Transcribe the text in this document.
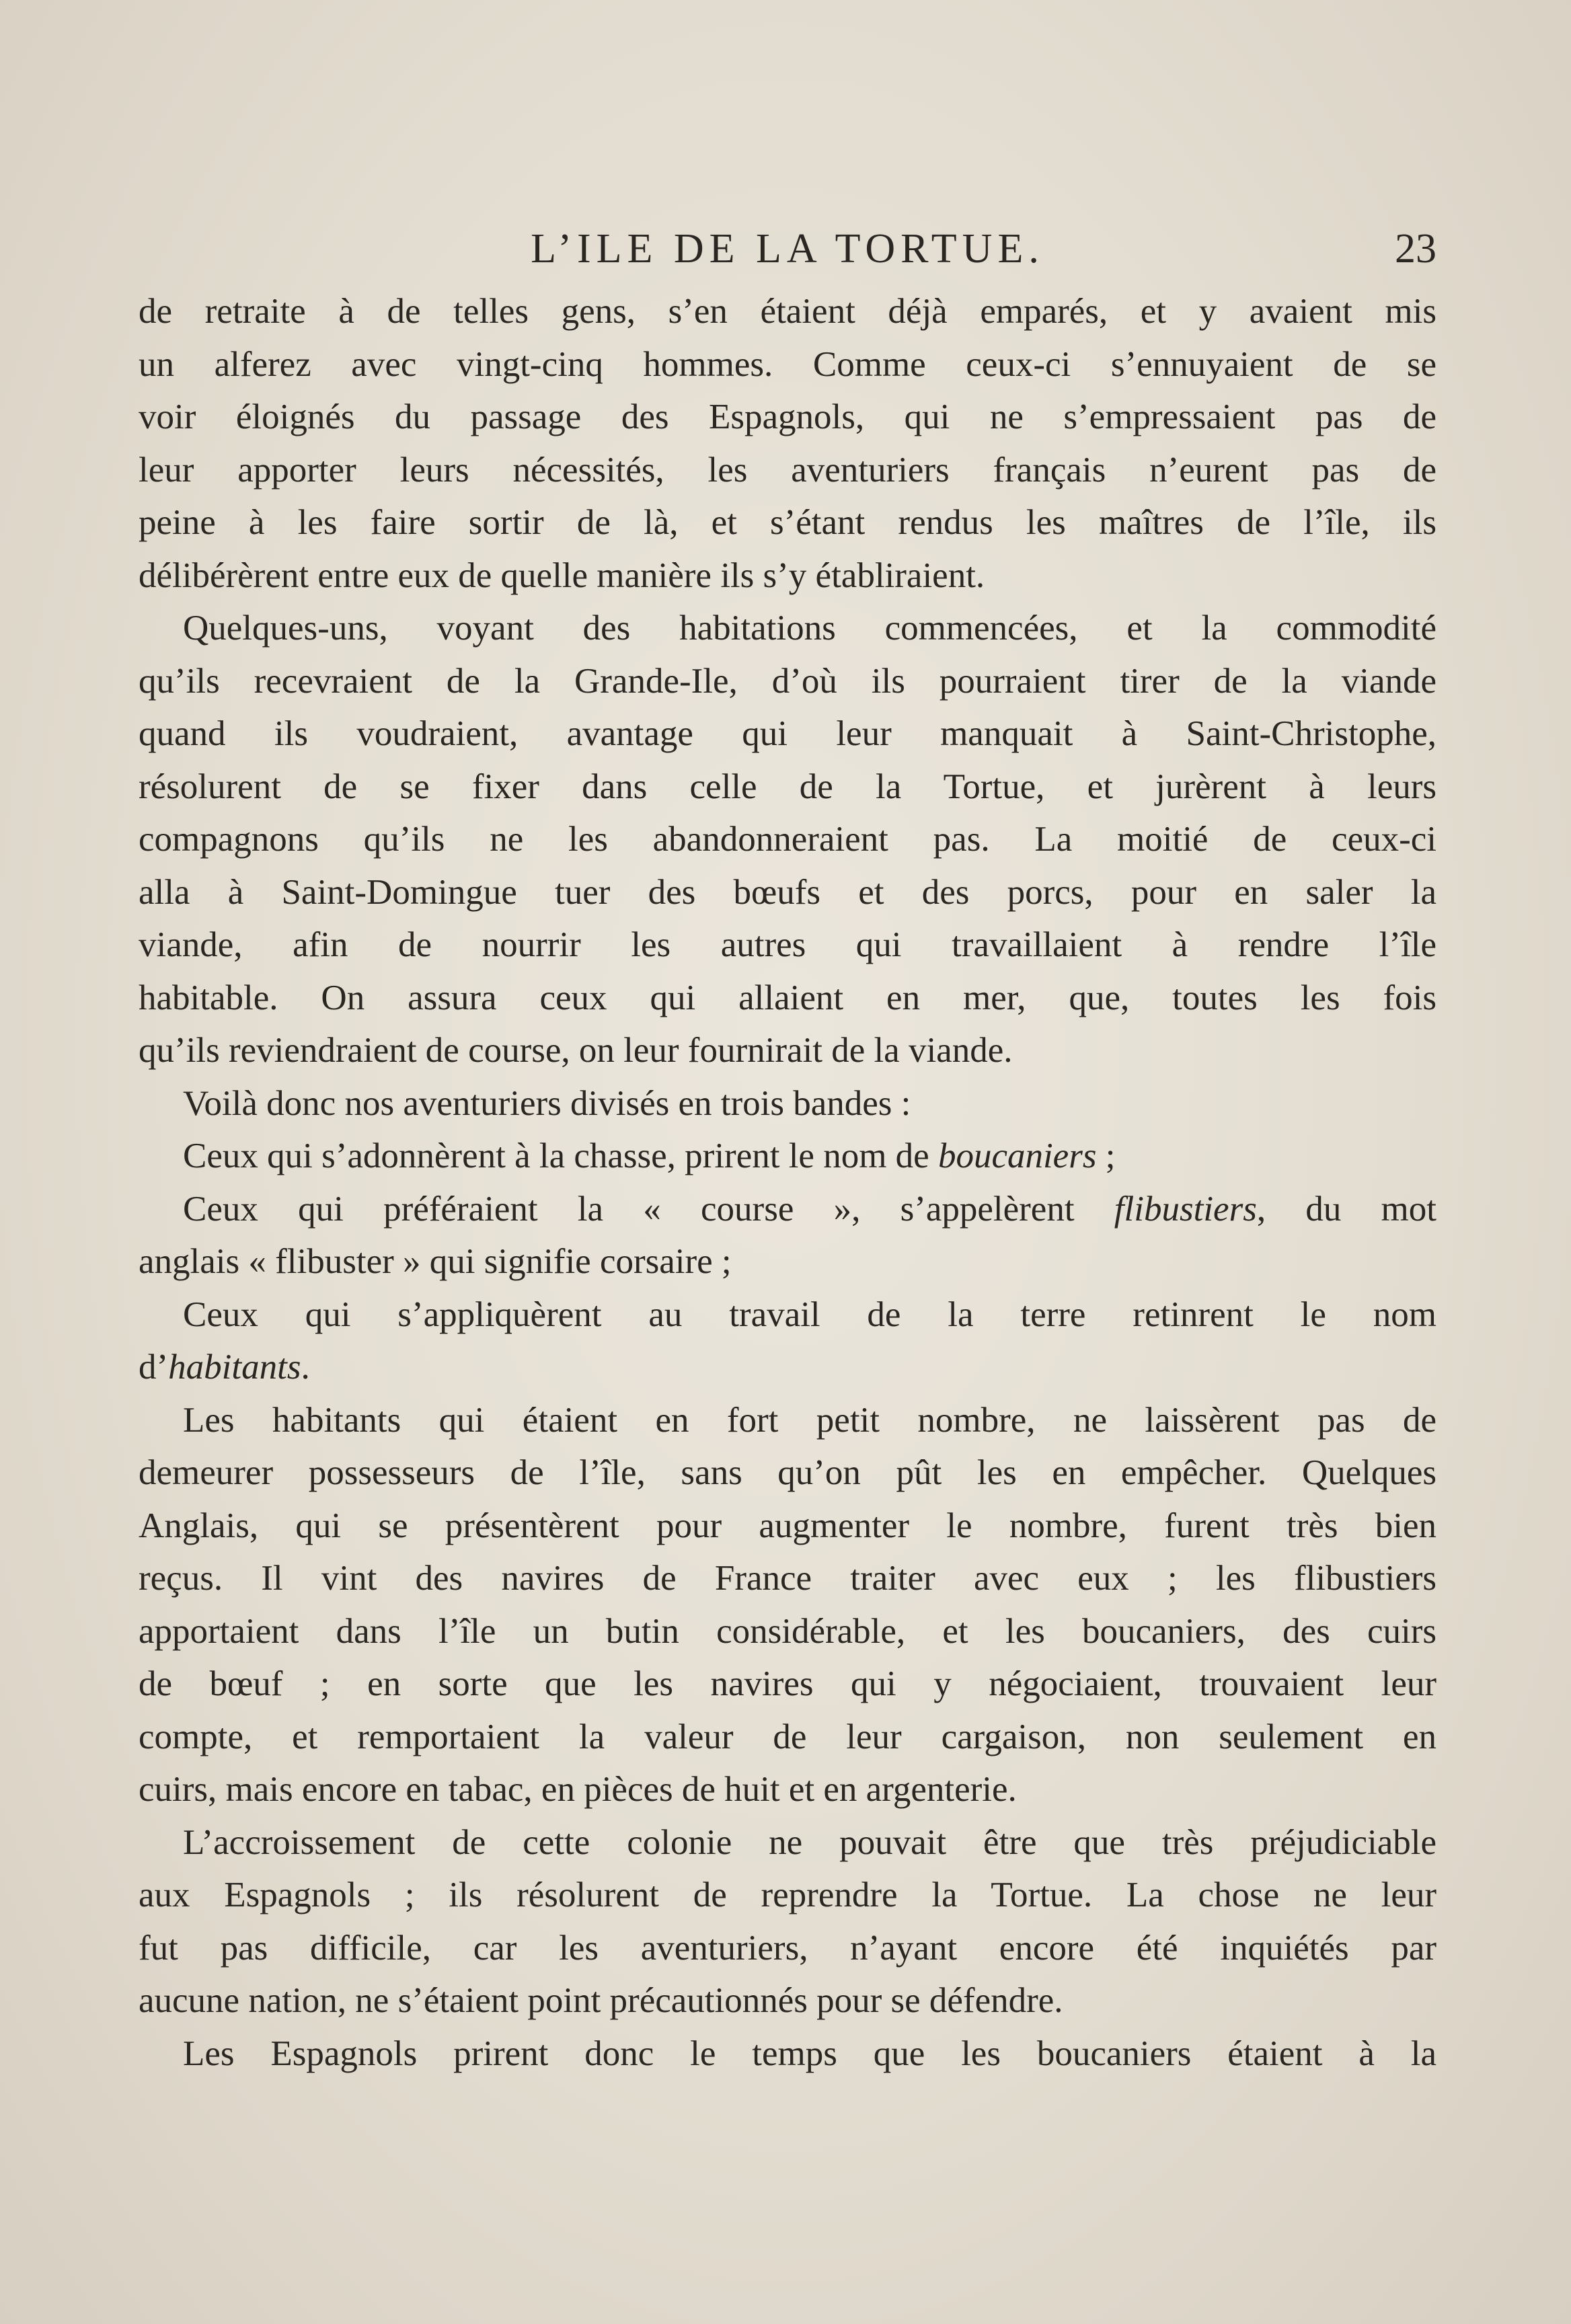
L’ILE DE LA TORTUE.	23
de retraite à de telles gens, s’en étaient déjà emparés, et y avaient mis
un alferez avec vingt-cinq hommes. Comme ceux-ci s’ennuyaient de se
voir éloignés du passage des Espagnols, qui ne s’empressaient pas de
leur apporter leurs nécessités, les aventuriers français n’eurent pas de
peine à les faire sortir de là, et s’étant rendus les maîtres de l’île, ils
délibérèrent entre eux de quelle manière ils s’y établiraient.
Quelques-uns, voyant des habitations commencées, et la commodité
qu’ils recevraient de la Grande-Ile, d’où ils pourraient tirer de la viande
quand ils voudraient, avantage qui leur manquait à Saint-Christophe,
résolurent de se fixer dans celle de la Tortue, et jurèrent à leurs
compagnons qu’ils ne les abandonneraient pas. La moitié de ceux-ci
alla à Saint-Domingue tuer des bœufs et des porcs, pour en saler la
viande, afin de nourrir les autres qui travaillaient à rendre l’île
habitable. On assura ceux qui allaient en mer, que, toutes les fois
qu’ils reviendraient de course, on leur fournirait de la viande.
Voilà donc nos aventuriers divisés en trois bandes :
Ceux qui s’adonnèrent à la chasse, prirent le nom de boucaniers ;
Ceux qui préféraient la « course », s’appelèrent flibustiers, du mot
anglais « flibuster » qui signifie corsaire ;
Ceux qui s’appliquèrent au travail de la terre retinrent le nom
d’habitants.
Les habitants qui étaient en fort petit nombre, ne laissèrent pas de
demeurer possesseurs de l’île, sans qu’on pût les en empêcher. Quelques
Anglais, qui se présentèrent pour augmenter le nombre, furent très bien
reçus. Il vint des navires de France traiter avec eux ; les flibustiers
apportaient dans l’île un butin considérable, et les boucaniers, des cuirs
de bœuf ; en sorte que les navires qui y négociaient, trouvaient leur
compte, et remportaient la valeur de leur cargaison, non seulement en
cuirs, mais encore en tabac, en pièces de huit et en argenterie.
L’accroissement de cette colonie ne pouvait être que très préjudiciable
aux Espagnols ; ils résolurent de reprendre la Tortue. La chose ne leur
fut pas difficile, car les aventuriers, n’ayant encore été inquiétés par
aucune nation, ne s’étaient point précautionnés pour se défendre.
Les Espagnols prirent donc le temps que les boucaniers étaient à la
